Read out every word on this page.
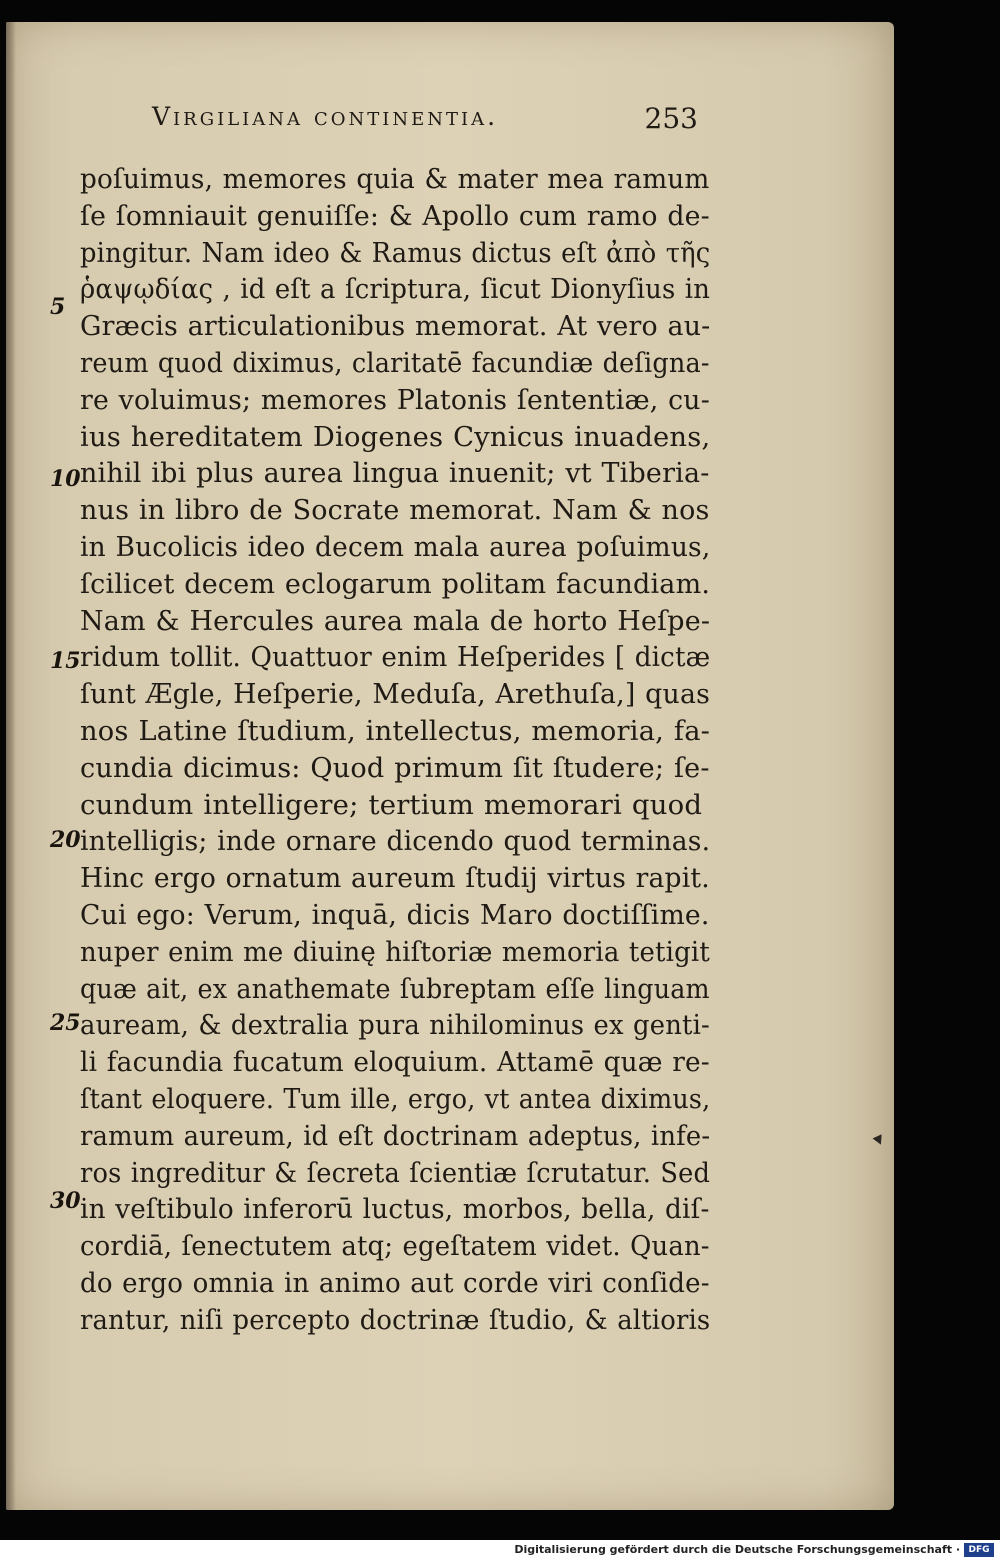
Virgiliana continentia.	253
5
10
15
20
25
30
poſuimus, memores quia & mater mea ramum
ſe ſomniauit genuiſſe: & Apollo cum ramo de-
pingitur. Nam ideo & Ramus dictus eſt ἀπὸ τῆς
ῥαψῳδίας , id eſt a ſcriptura, ſicut Dionyſius in
Græcis articulationibus memorat. At vero au-
reum quod diximus, claritatē facundiæ deſigna-
re voluimus; memores Platonis ſententiæ, cu-
ius hereditatem Diogenes Cynicus inuadens,
nihil ibi plus aurea lingua inuenit; vt Tiberia-
nus in libro de Socrate memorat. Nam & nos
in Bucolicis ideo decem mala aurea poſuimus,
ſcilicet decem eclogarum politam facundiam.
Nam & Hercules aurea mala de horto Heſpe-
ridum tollit. Quattuor enim Heſperides [ dictæ
ſunt Ægle, Heſperie, Meduſa, Arethuſa,] quas
nos Latine ſtudium, intellectus, memoria, fa-
cundia dicimus: Quod primum ſit ſtudere; ſe-
cundum intelligere; tertium memorari quod
intelligis; inde ornare dicendo quod terminas.
Hinc ergo ornatum aureum ſtudij virtus rapit.
Cui ego: Verum, inquā, dicis Maro doctiſſime.
nuper enim me diuinę hiſtoriæ memoria tetigit
quæ ait, ex anathemate ſubreptam eſſe linguam
auream, & dextralia pura nihilominus ex genti-
li facundia fucatum eloquium. Attamē quæ re-
ſtant eloquere. Tum ille, ergo, vt antea diximus,
ramum aureum, id eſt doctrinam adeptus, infe-
ros ingreditur & ſecreta ſcientiæ ſcrutatur. Sed
in veſtibulo inferorū luctus, morbos, bella, diſ-
cordiā, ſenectutem atq; egeſtatem videt. Quan-
do ergo omnia in animo aut corde viri conſide-
rantur, niſi percepto doctrinæ ſtudio, & altioris
Digitalisierung gefördert durch die Deutsche Forschungsgemeinschaft · DFG
